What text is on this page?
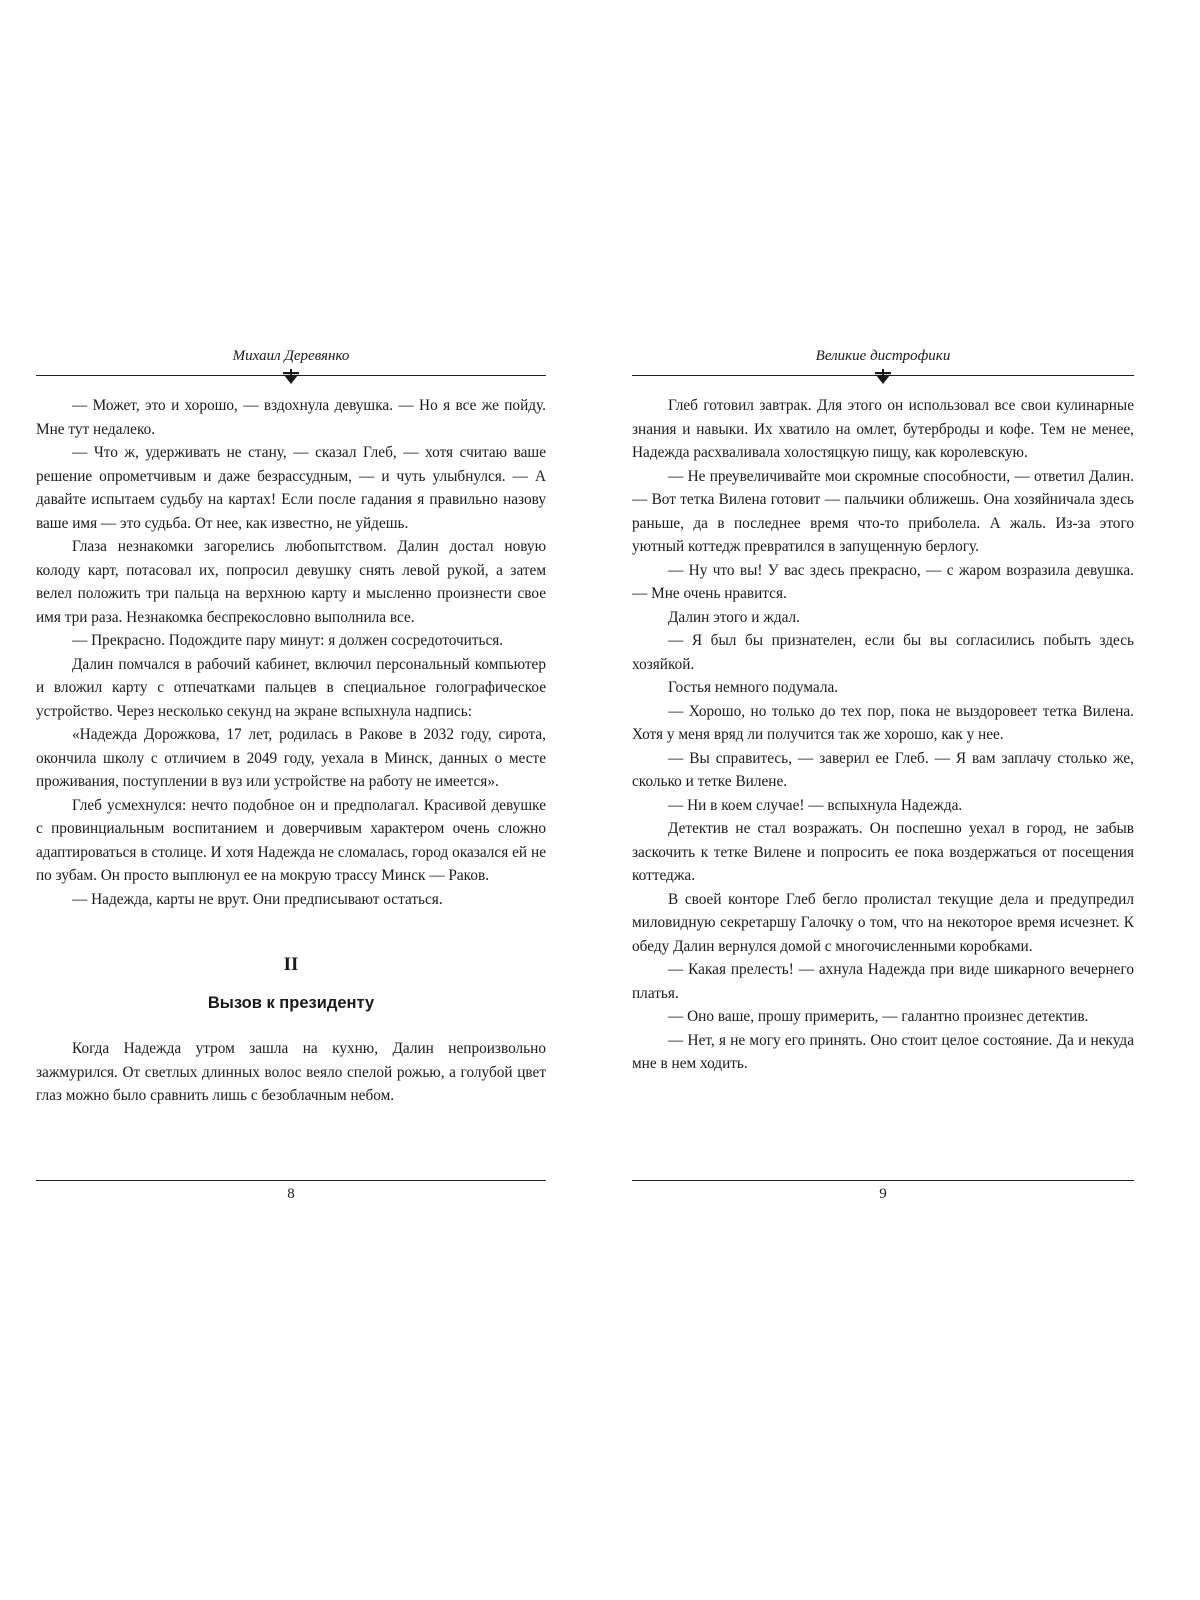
Михаил Деревянко

— Может, это и хорошо, — вздохнула девушка. — Но я все же пойду. Мне тут недалеко.

— Что ж, удерживать не стану, — сказал Глеб, — хотя считаю ваше решение опрометчивым и даже безрассудным, — и чуть улыбнулся. — А давайте испытаем судьбу на картах! Если после гадания я правильно назову ваше имя — это судьба. От нее, как известно, не уйдешь.

Глаза незнакомки загорелись любопытством. Далин достал новую колоду карт, потасовал их, попросил девушку снять левой рукой, а затем велел положить три пальца на верхнюю карту и мысленно произнести свое имя три раза. Незнакомка беспрекословно выполнила все.

— Прекрасно. Подождите пару минут: я должен сосредоточиться.

Далин помчался в рабочий кабинет, включил персональный компьютер и вложил карту с отпечатками пальцев в специальное голографическое устройство. Через несколько секунд на экране вспыхнула надпись:

«Надежда Дорожкова, 17 лет, родилась в Ракове в 2032 году, сирота, окончила школу с отличием в 2049 году, уехала в Минск, данных о месте проживания, поступлении в вуз или устройстве на работу не имеется».

Глеб усмехнулся: нечто подобное он и предполагал. Красивой девушке с провинциальным воспитанием и доверчивым характером очень сложно адаптироваться в столице. И хотя Надежда не сломалась, город оказался ей не по зубам. Он просто выплюнул ее на мокрую трассу Минск — Раков.

— Надежда, карты не врут. Они предписывают остаться.

II
Вызов к президенту

Когда Надежда утром зашла на кухню, Далин непроизвольно зажмурился. От светлых длинных волос веяло спелой рожью, а голубой цвет глаз можно было сравнить лишь с безоблачным небом.

8
Великие дистрофики

Глеб готовил завтрак. Для этого он использовал все свои кулинарные знания и навыки. Их хватило на омлет, бутерброды и кофе. Тем не менее, Надежда расхваливала холостяцкую пищу, как королевскую.

— Не преувеличивайте мои скромные способности, — ответил Далин. — Вот тетка Вилена готовит — пальчики оближешь. Она хозяйничала здесь раньше, да в последнее время что-то приболела. А жаль. Из-за этого уютный коттедж превратился в запущенную берлогу.

— Ну что вы! У вас здесь прекрасно, — с жаром возразила девушка. — Мне очень нравится.

Далин этого и ждал.

— Я был бы признателен, если бы вы согласились побыть здесь хозяйкой.

Гостья немного подумала.

— Хорошо, но только до тех пор, пока не выздоровеет тетка Вилена. Хотя у меня вряд ли получится так же хорошо, как у нее.

— Вы справитесь, — заверил ее Глеб. — Я вам заплачу столько же, сколько и тетке Вилене.

— Ни в коем случае! — вспыхнула Надежда.

Детектив не стал возражать. Он поспешно уехал в город, не забыв заскочить к тетке Вилене и попросить ее пока воздержаться от посещения коттеджа.

В своей конторе Глеб бегло пролистал текущие дела и предупредил миловидную секретаршу Галочку о том, что на некоторое время исчезнет. К обеду Далин вернулся домой с многочисленными коробками.

— Какая прелесть! — ахнула Надежда при виде шикарного вечернего платья.

— Оно ваше, прошу примерить, — галантно произнес детектив.

— Нет, я не могу его принять. Оно стоит целое состояние. Да и некуда мне в нем ходить.

9
